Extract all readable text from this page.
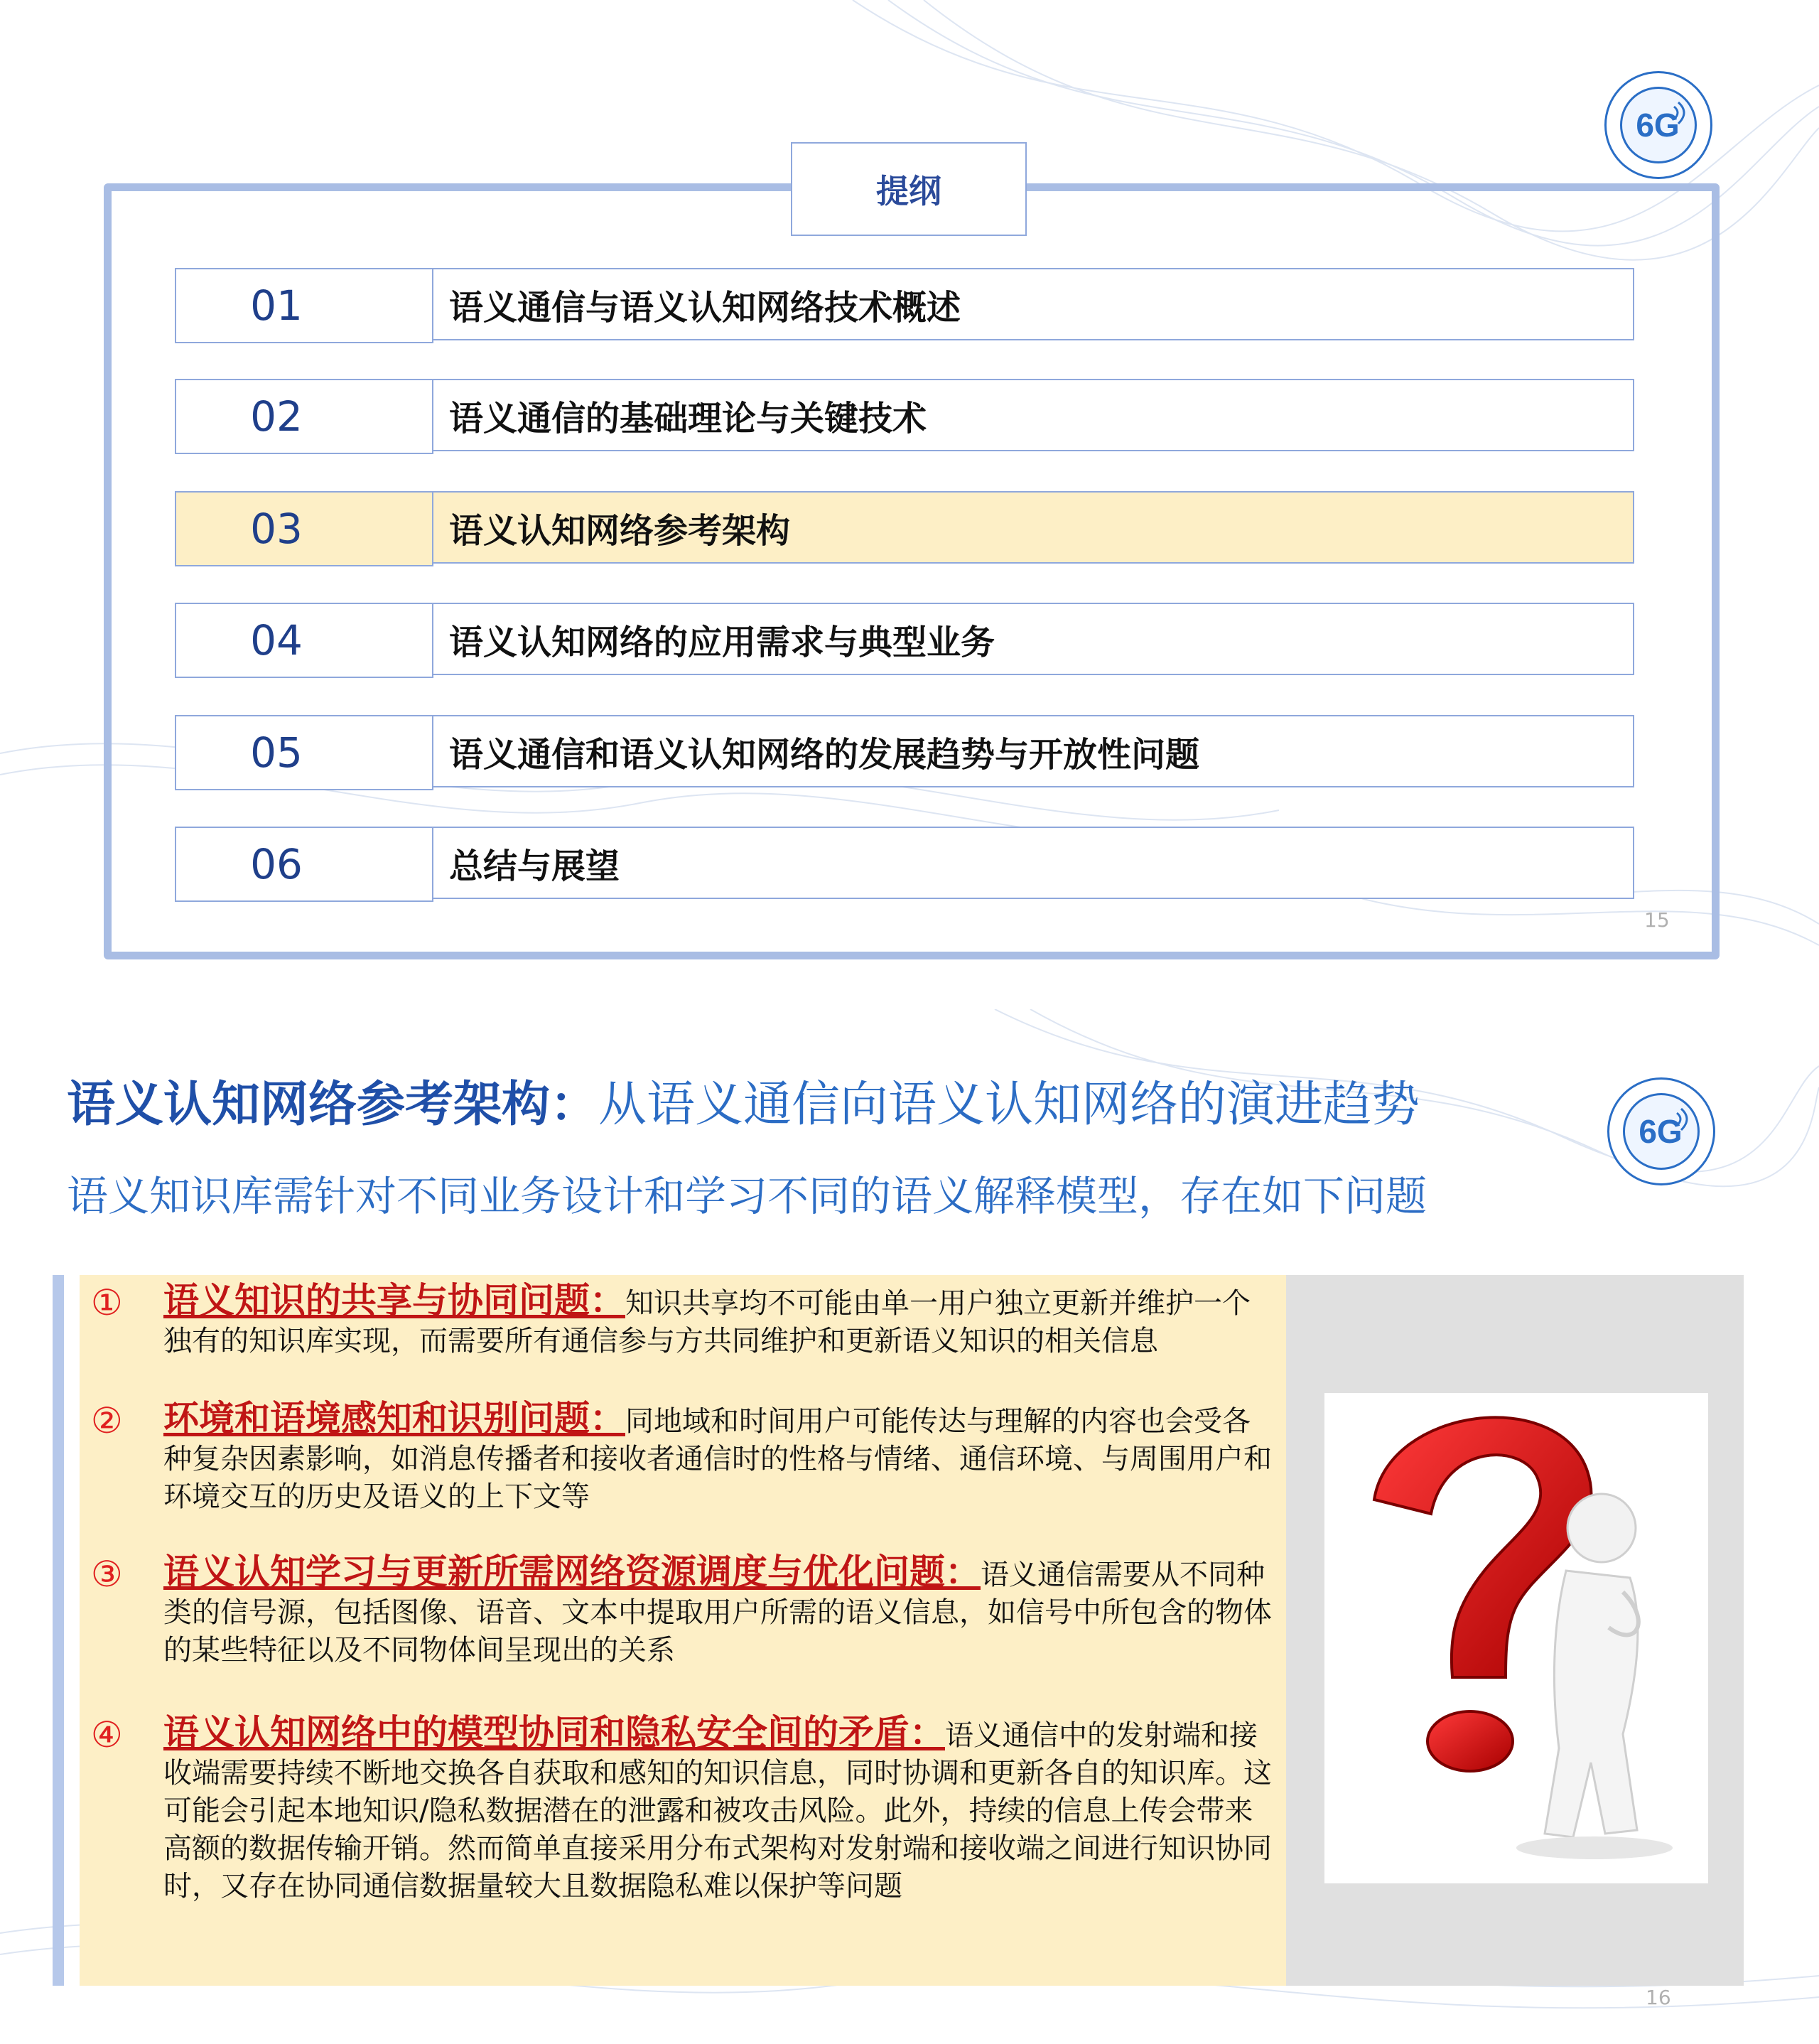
6G
提纲
01	语义通信与语义认知网络技术概述
02	语义通信的基础理论与关键技术
03	语义认知网络参考架构
04	语义认知网络的应用需求与典型业务
05	语义通信和语义认知网络的发展趋势与开放性问题
06	总结与展望
15
6G
语义认知网络参考架构：从语义通信向语义认知网络的演进趋势
语义知识库需针对不同业务设计和学习不同的语义解释模型，存在如下问题
① 语义知识的共享与协同问题：知识共享均不可能由单一用户独立更新并维护一个独有的知识库实现，而需要所有通信参与方共同维护和更新语义知识的相关信息
② 环境和语境感知和识别问题：同地域和时间用户可能传达与理解的内容也会受各种复杂因素影响，如消息传播者和接收者通信时的性格与情绪、通信环境、与周围用户和环境交互的历史及语义的上下文等
③ 语义认知学习与更新所需网络资源调度与优化问题：语义通信需要从不同种类的信号源，包括图像、语音、文本中提取用户所需的语义信息，如信号中所包含的物体的某些特征以及不同物体间呈现出的关系
④ 语义认知网络中的模型协同和隐私安全间的矛盾：语义通信中的发射端和接收端需要持续不断地交换各自获取和感知的知识信息，同时协调和更新各自的知识库。这可能会引起本地知识/隐私数据潜在的泄露和被攻击风险。此外，持续的信息上传会带来高额的数据传输开销。然而简单直接采用分布式架构对发射端和接收端之间进行知识协同时，又存在协同通信数据量较大且数据隐私难以保护等问题
16
